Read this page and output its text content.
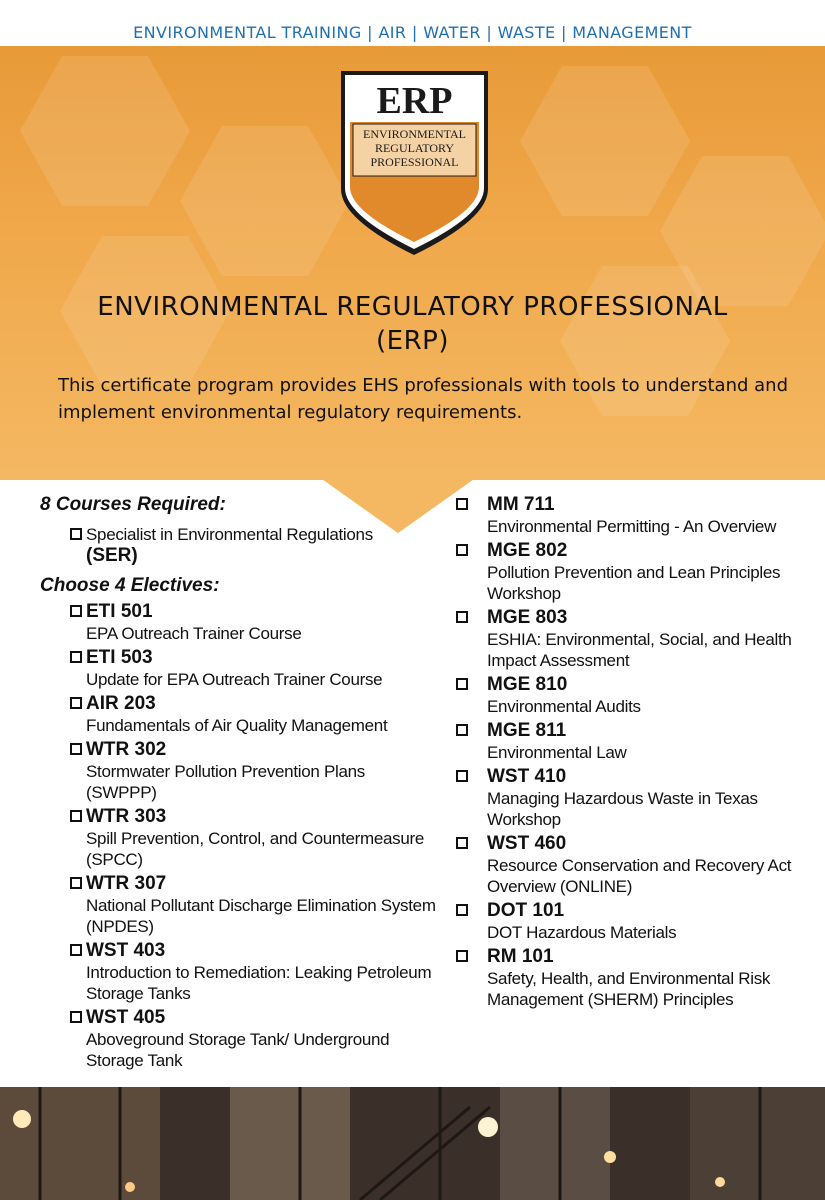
ENVIRONMENTAL TRAINING | AIR | WATER | WASTE | MANAGEMENT
ERP
ENVIRONMENTAL REGULATORY PROFESSIONAL
ENVIRONMENTAL REGULATORY PROFESSIONAL
(ERP)
This certificate program provides EHS professionals with tools to understand and implement environmental regulatory requirements.

8 Courses Required:

Specialist in Environmental Regulations
(SER)

Choose 4 Electives:

ETI 501
EPA Outreach Trainer Course
ETI 503
Update for EPA Outreach Trainer Course
AIR 203
Fundamentals of Air Quality Management
WTR 302
Stormwater Pollution Prevention Plans (SWPPP)
WTR 303
Spill Prevention, Control, and Countermeasure (SPCC)
WTR 307
National Pollutant Discharge Elimination System (NPDES)
WST 403
Introduction to Remediation: Leaking Petroleum Storage Tanks
WST 405
Aboveground Storage Tank/ Underground Storage Tank
MM 711
Environmental Permitting - An Overview
MGE 802
Pollution Prevention and Lean Principles Workshop
MGE 803
ESHIA: Environmental, Social, and Health Impact Assessment
MGE 810
Environmental Audits
MGE 811
Environmental Law
WST 410
Managing Hazardous Waste in Texas Workshop
WST 460
Resource Conservation and Recovery Act Overview (ONLINE)
DOT 101
DOT Hazardous Materials
RM 101
Safety, Health, and Environmental Risk Management (SHERM) Principles
